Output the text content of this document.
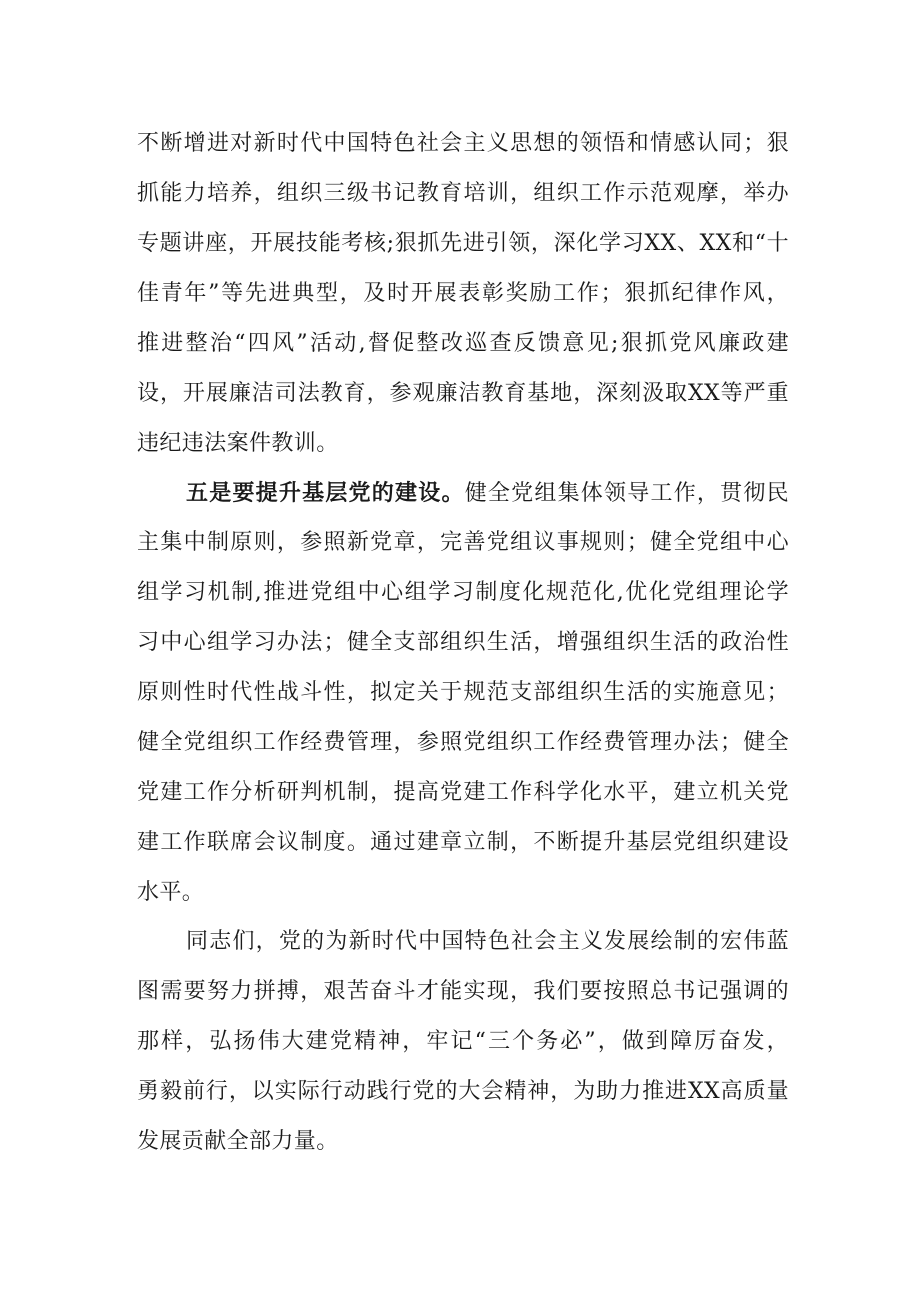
不断增进对新时代中国特色社会主义思想的领悟和情感认同；狠
抓能力培养，组织三级书记教育培训，组织工作示范观摩，举办
专题讲座，开展技能考核;狠抓先进引领，深化学习XX、XX和“十
佳青年”等先进典型，及时开展表彰奖励工作；狠抓纪律作风，
推进整治“四风”活动,督促整改巡查反馈意见;狠抓党风廉政建
设，开展廉洁司法教育，参观廉洁教育基地，深刻汲取XX等严重
违纪违法案件教训。
五是要提升基层党的建设。健全党组集体领导工作，贯彻民
主集中制原则，参照新党章，完善党组议事规则；健全党组中心
组学习机制,推进党组中心组学习制度化规范化,优化党组理论学
习中心组学习办法；健全支部组织生活，增强组织生活的政治性
原则性时代性战斗性，拟定关于规范支部组织生活的实施意见；
健全党组织工作经费管理，参照党组织工作经费管理办法；健全
党建工作分析研判机制，提高党建工作科学化水平，建立机关党
建工作联席会议制度。通过建章立制，不断提升基层党组织建设
水平。
同志们，党的为新时代中国特色社会主义发展绘制的宏伟蓝
图需要努力拼搏，艰苦奋斗才能实现，我们要按照总书记强调的
那样，弘扬伟大建党精神，牢记“三个务必”，做到障厉奋发，
勇毅前行，以实际行动践行党的大会精神，为助力推进XX高质量
发展贡献全部力量。
